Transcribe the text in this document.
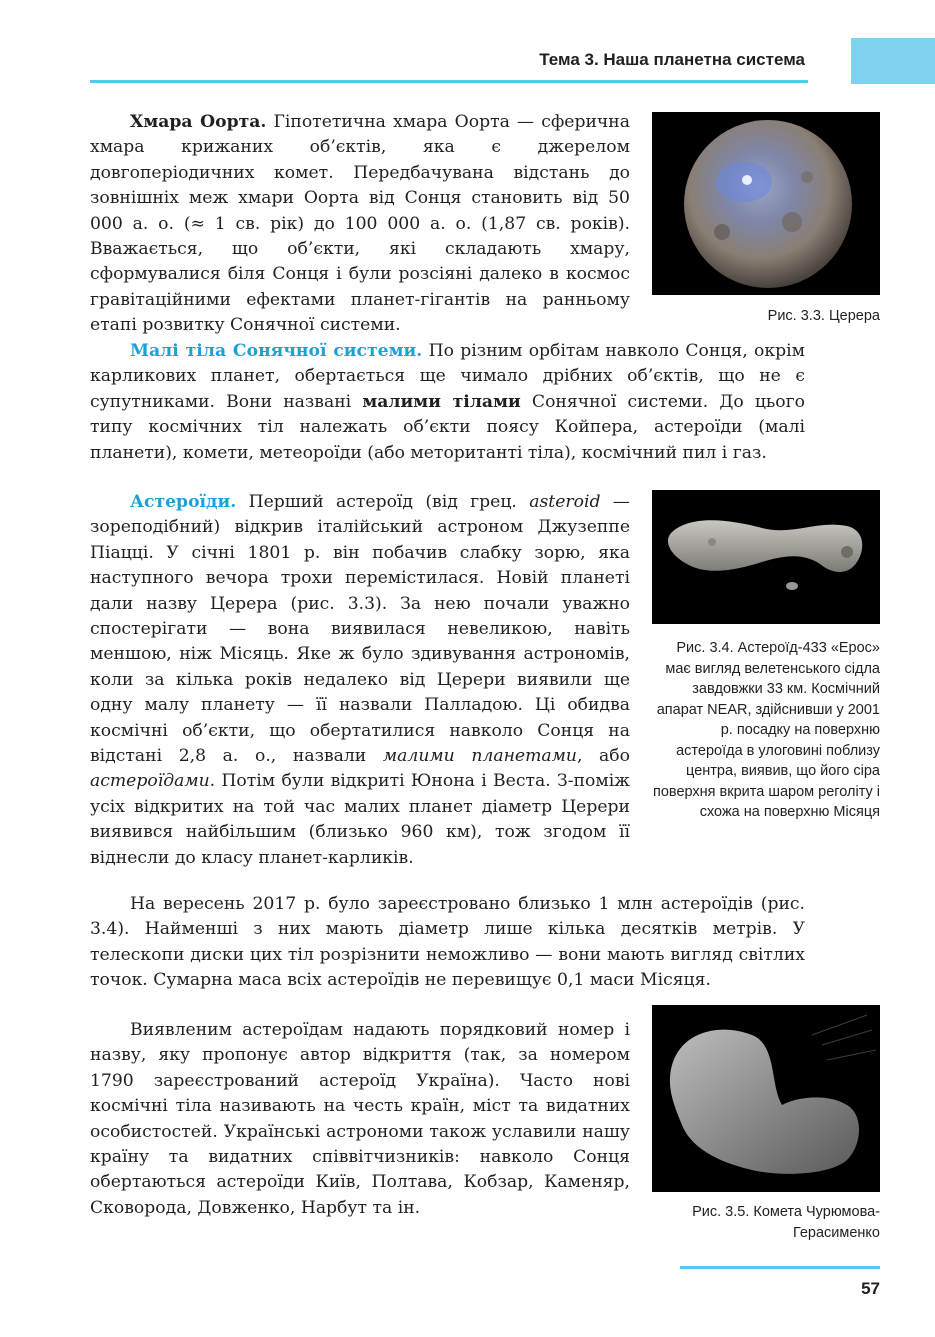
Тема 3. Наша планетна система

Хмара Оорта. Гіпотетична хмара Оорта — сферична хмара крижаних об’єктів, яка є джерелом довгоперіодичних комет. Передбачувана відстань до зовнішніх меж хмари Оорта від Сонця становить від 50 000 а. о. (≈ 1 св. рік) до 100 000 а. о. (1,87 св. років). Вважається, що об’єкти, які складають хмару, сформувалися біля Сонця і були розсіяні далеко в космос гравітаційними ефектами планет-гігантів на ранньому етапі розвитку Сонячної системи.

Малі тіла Сонячної системи. По різним орбітам навколо Сонця, окрім карликових планет, обертається ще чимало дрібних об’єктів, що не є супутниками. Вони названі малими тілами Сонячної системи. До цього типу космічних тіл належать об’єкти поясу Койпера, астероїди (малі планети), комети, метеороїди (або метоританті тіла), космічний пил і газ.

Астероїди. Перший астероїд (від грец. asteroid — зореподібний) відкрив італійський астроном Джузеппе Піацці. У січні 1801 р. він побачив слабку зорю, яка наступного вечора трохи перемістилася. Новій планеті дали назву Церера (рис. 3.3). За нею почали уважно спостерігати — вона виявилася невеликою, навіть меншою, ніж Місяць. Яке ж було здивування астрономів, коли за кілька років недалеко від Церери виявили ще одну малу планету — її назвали Палладою. Ці обидва космічні об’єкти, що обертатилися навколо Сонця на відстані 2,8 а. о., назвали малими планетами, або астероїдами. Потім були відкриті Юнона і Веста. З-поміж усіх відкритих на той час малих планет діаметр Церери виявився найбільшим (близько 960 км), тож згодом її віднесли до класу планет-карликів.

На вересень 2017 р. було зареєстровано близько 1 млн астероїдів (рис. 3.4). Найменші з них мають діаметр лише кілька десятків метрів. У телескопи диски цих тіл розрізнити неможливо — вони мають вигляд світлих точок. Сумарна маса всіх астероїдів не перевищує 0,1 маси Місяця.

Виявленим астероїдам надають порядковий номер і назву, яку пропонує автор відкриття (так, за номером 1790 зареєстрований астероїд Україна). Часто нові космічні тіла називають на честь країн, міст та видатних особистостей. Українські астрономи також уславили нашу країну та видатних співвітчизників: навколо Сонця обертаються астероїди Київ, Полтава, Кобзар, Каменяр, Сковорода, Довженко, Нарбут та ін.

Рис. 3.3. Церера
Рис. 3.4. Астероїд-433 «Ерос» має вигляд велетенського сідла завдовжки 33 км. Космічний апарат NEAR, здійснивши у 2001 р. посадку на поверхню астероїда в улоговині поблизу центра, виявив, що його сіра поверхня вкрита шаром реголіту і схожа на поверхню Місяця
Рис. 3.5. Комета Чурюмова-Герасименко
57
